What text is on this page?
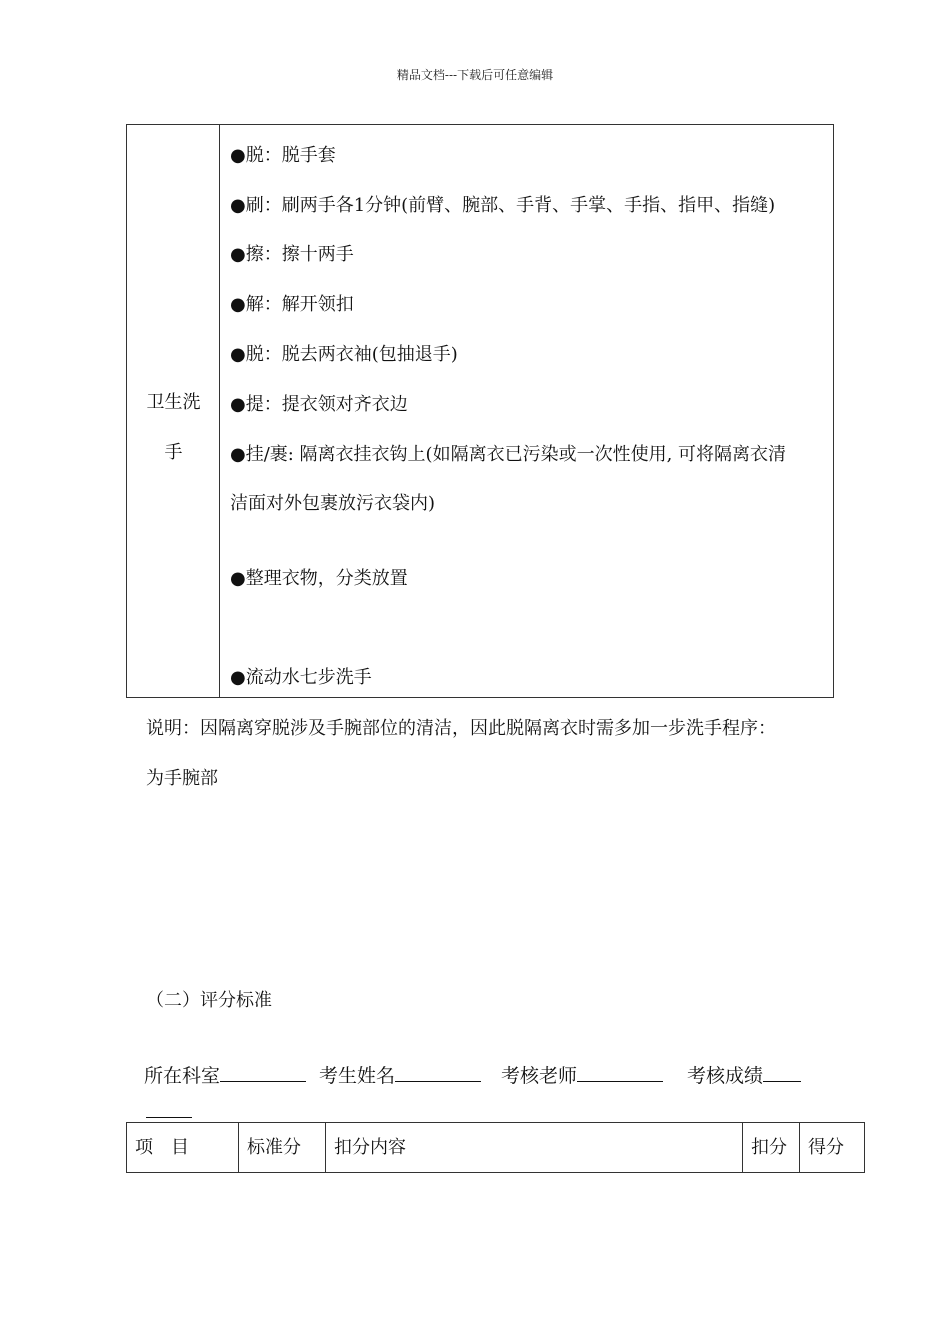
精品文档---下载后可任意编辑
卫生洗
手
●脱：脱手套
●刷：刷两手各1分钟(前臂、腕部、手背、手掌、手指、指甲、指缝)
●擦：擦十两手
●解：解开领扣
●脱：脱去两衣袖(包抽退手)
●提：提衣领对齐衣边
●挂/裹: 隔离衣挂衣钩上(如隔离衣已污染或一次性使用, 可将隔离衣清
洁面对外包裹放污衣袋内)
●整理衣物，分类放置
●流动水七步洗手
说明：因隔离穿脱涉及手腕部位的清洁，因此脱隔离衣时需多加一步洗手程序：
为手腕部
（二）评分标准
所在科室	考生姓名	考核老师	考核成绩
项　目	标准分	扣分内容	扣分	得分
